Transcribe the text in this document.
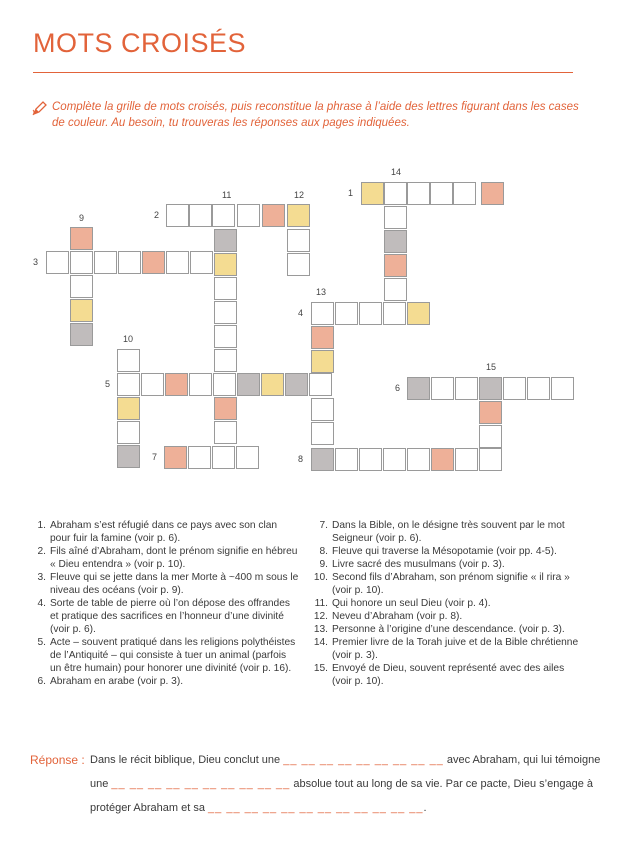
MOTS CROISÉS
Complète la grille de mots croisés, puis reconstitue la phrase à l’aide des lettres figurant dans les cases de couleur. Au besoin, tu trouveras les réponses aux pages indiquées.
1
2
3
4
5	6
7	8
9
10
11	12
13
14
15
1. Abraham s’est réfugié dans ce pays avec son clan pour fuir la famine (voir p. 6).
2. Fils aîné d’Abraham, dont le prénom signifie en hébreu « Dieu entendra » (voir p. 10).
3. Fleuve qui se jette dans la mer Morte à ~400 m sous le niveau des océans (voir p. 9).
4. Sorte de table de pierre où l’on dépose des offrandes et pratique des sacrifices en l’honneur d’une divinité (voir p. 6).
5. Acte – souvent pratiqué dans les religions polythéistes de l’Antiquité – qui consiste à tuer un animal (parfois un être humain) pour honorer une divinité (voir p. 16).
6. Abraham en arabe (voir p. 3).
7. Dans la Bible, on le désigne très souvent par le mot Seigneur (voir p. 6).
8. Fleuve qui traverse la Mésopotamie (voir pp. 4-5).
9. Livre sacré des musulmans (voir p. 3).
10. Second fils d’Abraham, son prénom signifie « il rira » (voir p. 10).
11. Qui honore un seul Dieu (voir p. 4).
12. Neveu d’Abraham (voir p. 8).
13. Personne à l’origine d’une descendance. (voir p. 3).
14. Premier livre de la Torah juive et de la Bible chrétienne (voir p. 3).
15. Envoyé de Dieu, souvent représenté avec des ailes (voir p. 10).
Réponse : Dans le récit biblique, Dieu conclut une __ __ __ __ __ __ __ __ __ avec Abraham, qui lui témoigne
une __ __ __ __ __ __ __ __ __ __ absolue tout au long de sa vie. Par ce pacte, Dieu s’engage à
protéger Abraham et sa __ __ __ __ __ __ __ __ __ __ __ __.
